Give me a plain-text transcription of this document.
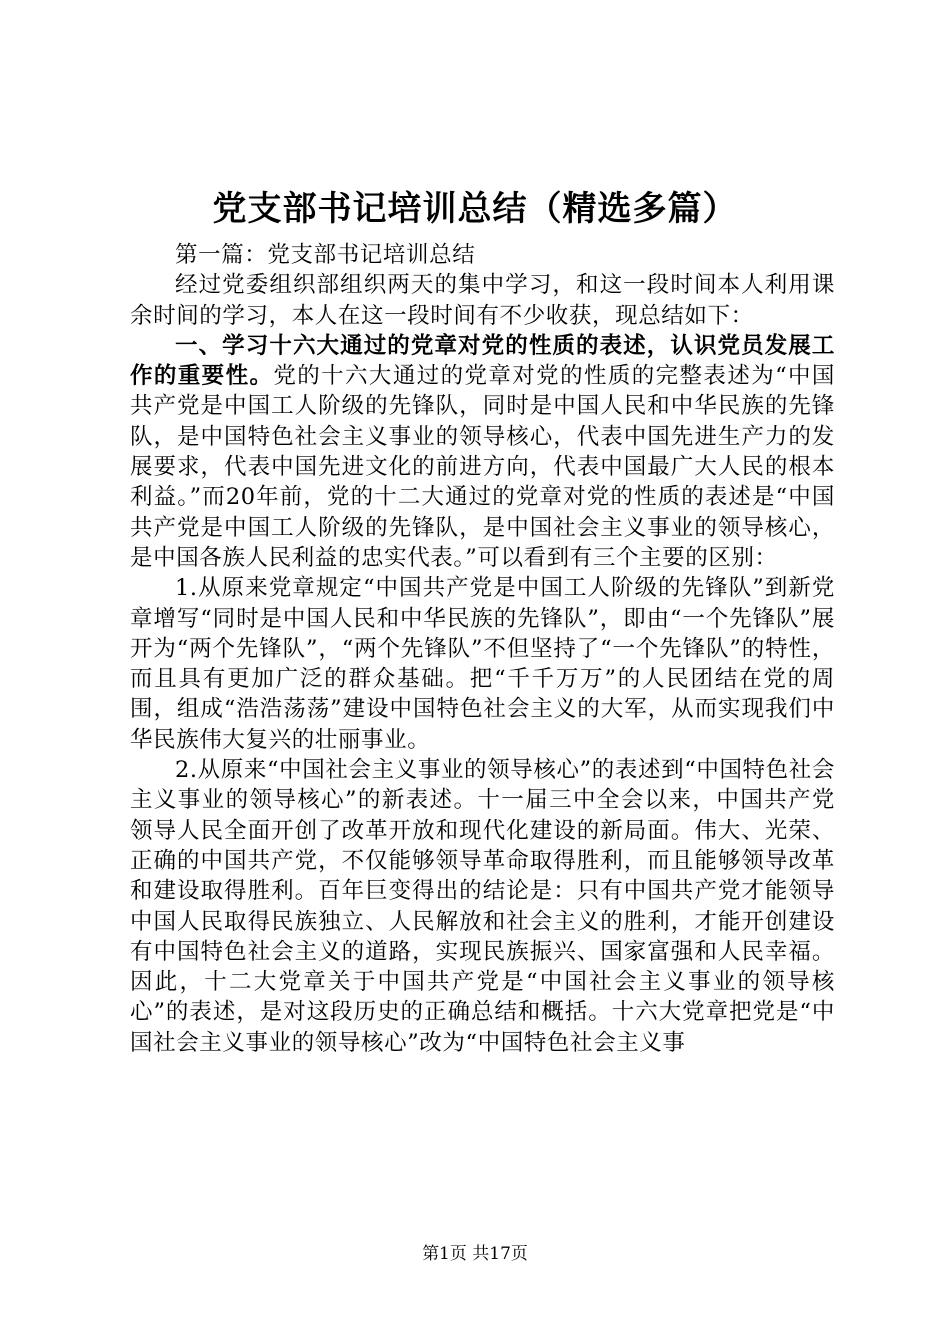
党支部书记培训总结（精选多篇）

第一篇：党支部书记培训总结

经过党委组织部组织两天的集中学习，和这一段时间本人利用课余时间的学习，本人在这一段时间有不少收获，现总结如下：

一、学习十六大通过的党章对党的性质的表述，认识党员发展工作的重要性。党的十六大通过的党章对党的性质的完整表述为“中国共产党是中国工人阶级的先锋队，同时是中国人民和中华民族的先锋队，是中国特色社会主义事业的领导核心，代表中国先进生产力的发展要求，代表中国先进文化的前进方向，代表中国最广大人民的根本利益。”而20年前，党的十二大通过的党章对党的性质的表述是“中国共产党是中国工人阶级的先锋队，是中国社会主义事业的领导核心，是中国各族人民利益的忠实代表。”可以看到有三个主要的区别：

1.从原来党章规定“中国共产党是中国工人阶级的先锋队”到新党章增写“同时是中国人民和中华民族的先锋队”，即由“一个先锋队”展开为“两个先锋队”，“两个先锋队”不但坚持了“一个先锋队”的特性，而且具有更加广泛的群众基础。把“千千万万”的人民团结在党的周围，组成“浩浩荡荡”建设中国特色社会主义的大军，从而实现我们中华民族伟大复兴的壮丽事业。

2.从原来“中国社会主义事业的领导核心”的表述到“中国特色社会主义事业的领导核心”的新表述。十一届三中全会以来，中国共产党领导人民全面开创了改革开放和现代化建设的新局面。伟大、光荣、正确的中国共产党，不仅能够领导革命取得胜利，而且能够领导改革和建设取得胜利。百年巨变得出的结论是：只有中国共产党才能领导中国人民取得民族独立、人民解放和社会主义的胜利，才能开创建设有中国特色社会主义的道路，实现民族振兴、国家富强和人民幸福。因此，十二大党章关于中国共产党是“中国社会主义事业的领导核心”的表述，是对这段历史的正确总结和概括。十六大党章把党是“中国社会主义事业的领导核心”改为“中国特色社会主义事

第1页 共17页
